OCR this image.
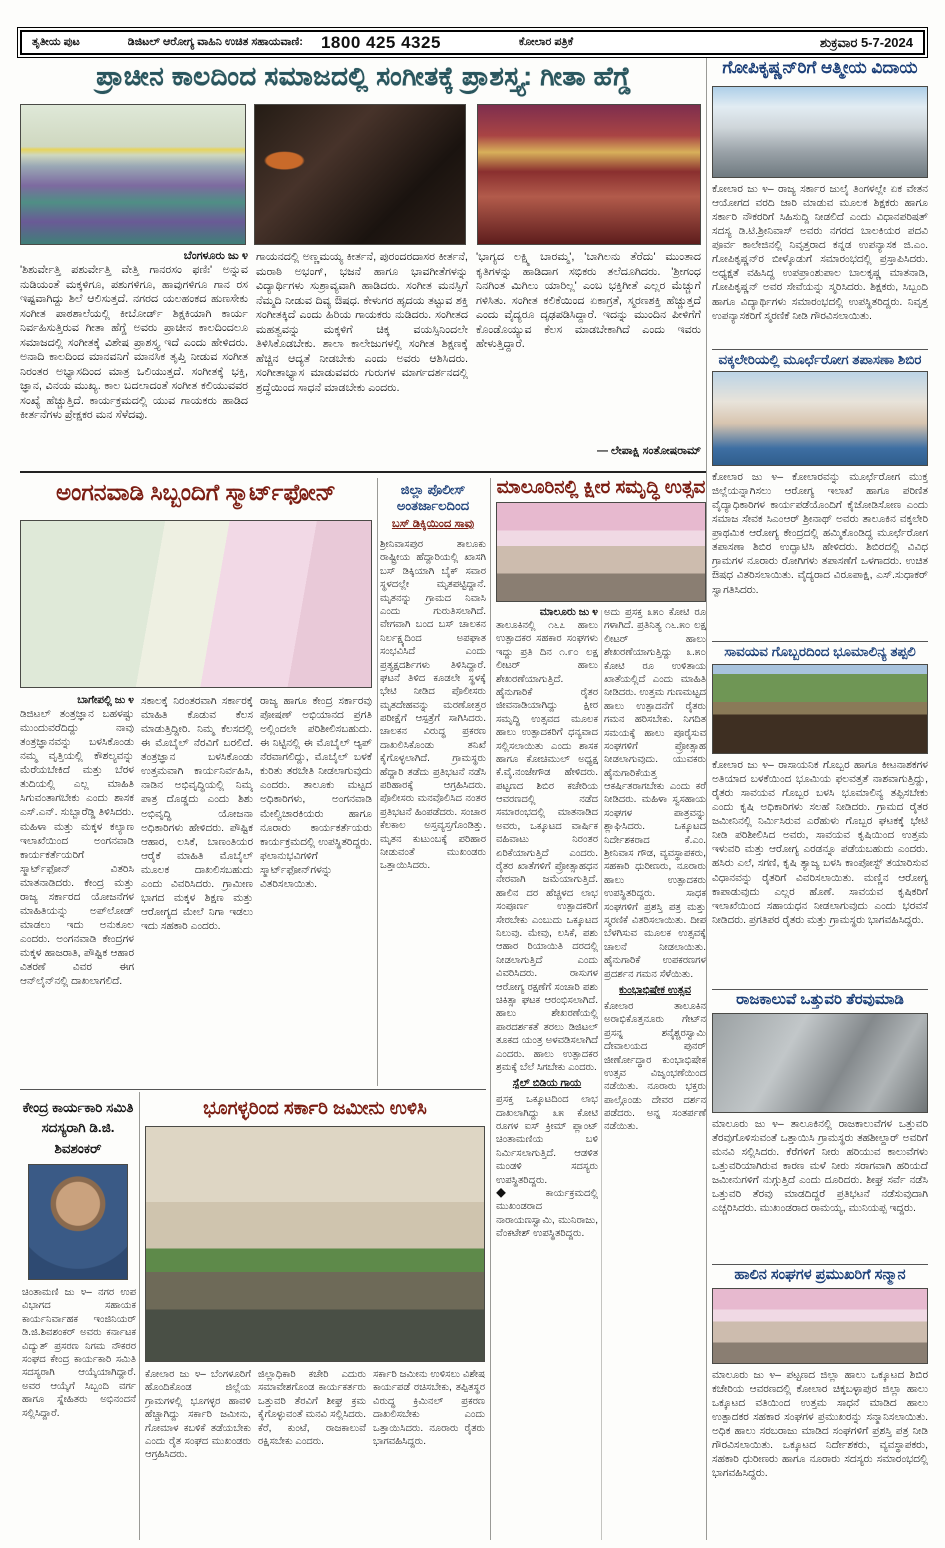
ತೃತೀಯ ಪುಟ	ಡಿಜಿಟಲ್ ಆರೋಗ್ಯ ವಾಹಿನಿ ಉಚಿತ ಸಹಾಯವಾಣಿ: 1800 425 4325	ಕೋಲಾರ ಪತ್ರಿಕೆ	ಶುಕ್ರವಾರ 5-7-2024
ಪ್ರಾಚೀನ ಕಾಲದಿಂದ ಸಮಾಜದಲ್ಲಿ ಸಂಗೀತಕ್ಕೆ ಪ್ರಾಶಸ್ತ್ಯ: ಗೀತಾ ಹೆಗ್ಡೆ
ಬೆಂಗಳೂರು ಜು ೪
'ಶಿಶುರ್ವೇತ್ತಿ ಪಶುರ್ವೇತ್ತಿ ವೇತ್ತಿ ಗಾನರಸಂ ಫಣಿಃ' ಅನ್ನುವ ನುಡಿಯಂತೆ ಮಕ್ಕಳಿಗೂ, ಪಶುಗಳಿಗೂ, ಹಾವುಗಳಿಗೂ ಗಾನ ರಸ ಇಷ್ಟವಾಗಿದ್ದು ಶಿಲೆ ಆಲಿಸುತ್ತದೆ. ನಗರದ ಯಲಹಂಕದ ಹುಣಸೇಕು ಸಂಗೀತ ಪಾಠಶಾಲೆಯಲ್ಲಿ ಕೀಬೋರ್ಡ್ ಶಿಕ್ಷಕಿಯಾಗಿ ಕಾರ್ಯ ನಿರ್ವಹಿಸುತ್ತಿರುವ ಗೀತಾ ಹೆಗ್ಡೆ ಅವರು ಪ್ರಾಚೀನ ಕಾಲದಿಂದಲೂ ಸಮಾಜದಲ್ಲಿ ಸಂಗೀತಕ್ಕೆ ವಿಶೇಷ ಪ್ರಾಶಸ್ತ್ಯ ಇದೆ ಎಂದು ಹೇಳಿದರು. ಅನಾದಿ ಕಾಲದಿಂದ ಮಾನವನಿಗೆ ಮಾನಸಿಕ ತೃಪ್ತಿ ನೀಡುವ ಸಂಗೀತ ನಿರಂತರ ಅಭ್ಯಾಸದಿಂದ ಮಾತ್ರ ಒಲಿಯುತ್ತದೆ. ಸಂಗೀತಕ್ಕೆ ಭಕ್ತಿ, ಜ್ಞಾನ, ವಿನಯ ಮುಖ್ಯ. ಕಾಲ ಬದಲಾದಂತೆ ಸಂಗೀತ ಕಲಿಯುವವರ ಸಂಖ್ಯೆ ಹೆಚ್ಚುತ್ತಿದೆ. ಕಾರ್ಯಕ್ರಮದಲ್ಲಿ ಯುವ ಗಾಯಕರು ಹಾಡಿದ ಕೀರ್ತನೆಗಳು ಪ್ರೇಕ್ಷಕರ ಮನ ಸೆಳೆದವು.
ಗಾಯನದಲ್ಲಿ ಅಣ್ಣಮಯ್ಯ ಕೀರ್ತನೆ, ಪುರಂದರದಾಸರ ಕೀರ್ತನೆ, ಮರಾಠಿ ಅಭಂಗ್, ಭಜನೆ ಹಾಗೂ ಭಾವಗೀತೆಗಳನ್ನು ವಿದ್ಯಾರ್ಥಿಗಳು ಸುಶ್ರಾವ್ಯವಾಗಿ ಹಾಡಿದರು. ಸಂಗೀತ ಮನಸ್ಸಿಗೆ ನೆಮ್ಮದಿ ನೀಡುವ ದಿವ್ಯ ಔಷಧ. ಕೇಳುಗರ ಹೃದಯ ತಟ್ಟುವ ಶಕ್ತಿ ಸಂಗೀತಕ್ಕಿದೆ ಎಂದು ಹಿರಿಯ ಗಾಯಕರು ನುಡಿದರು. ಸಂಗೀತದ ಮಹತ್ವವನ್ನು ಮಕ್ಕಳಿಗೆ ಚಿಕ್ಕ ವಯಸ್ಸಿನಿಂದಲೇ ತಿಳಿಸಿಕೊಡಬೇಕು. ಶಾಲಾ ಕಾಲೇಜುಗಳಲ್ಲಿ ಸಂಗೀತ ಶಿಕ್ಷಣಕ್ಕೆ ಹೆಚ್ಚಿನ ಆದ್ಯತೆ ನೀಡಬೇಕು ಎಂದು ಅವರು ಆಶಿಸಿದರು. ಸಂಗೀತಾಭ್ಯಾಸ ಮಾಡುವವರು ಗುರುಗಳ ಮಾರ್ಗದರ್ಶನದಲ್ಲಿ ಶ್ರದ್ಧೆಯಿಂದ ಸಾಧನೆ ಮಾಡಬೇಕು ಎಂದರು.
'ಭಾಗ್ಯದ ಲಕ್ಷ್ಮಿ ಬಾರಮ್ಮ', 'ಬಾಗಿಲನು ತೆರೆದು' ಮುಂತಾದ ಕೃತಿಗಳನ್ನು ಹಾಡಿದಾಗ ಸಭಿಕರು ತಲೆದೂಗಿದರು. 'ಶ್ರೀಗಂಧ ನಿನಗಿಂತ ಮಿಗಿಲು ಯಾರಿಲ್ಲ' ಎಂಬ ಭಕ್ತಿಗೀತೆ ಎಲ್ಲರ ಮೆಚ್ಚುಗೆ ಗಳಿಸಿತು. ಸಂಗೀತ ಕಲಿಕೆಯಿಂದ ಏಕಾಗ್ರತೆ, ಸ್ಮರಣಶಕ್ತಿ ಹೆಚ್ಚುತ್ತದೆ ಎಂದು ವೈದ್ಯರೂ ದೃಢಪಡಿಸಿದ್ದಾರೆ. ಇದನ್ನು ಮುಂದಿನ ಪೀಳಿಗೆಗೆ ಕೊಂಡೊಯ್ಯುವ ಕೆಲಸ ಮಾಡಬೇಕಾಗಿದೆ ಎಂದು ಇವರು ಹೇಳುತ್ತಿದ್ದಾರೆ.
— ಲೇಪಾಕ್ಷಿ ಸಂತೋಷರಾಮ್
ಗೋಪಿಕೃಷ್ಣನ್‌ರಿಗೆ ಆತ್ಮೀಯ ವಿದಾಯ
ಕೋಲಾರ ಜು ೪– ರಾಜ್ಯ ಸರ್ಕಾರ ಜುಲೈ ತಿಂಗಳಲ್ಲೇ ಏಕ ವೇತನ ಆಯೋಗದ ವರದಿ ಜಾರಿ ಮಾಡುವ ಮೂಲಕ ಶಿಕ್ಷಕರು ಹಾಗೂ ಸರ್ಕಾರಿ ನೌಕರರಿಗೆ ಸಿಹಿಸುದ್ದಿ ನೀಡಲಿದೆ ಎಂದು ವಿಧಾನಪರಿಷತ್ ಸದಸ್ಯ ಡಿ.ಟಿ.ಶ್ರೀನಿವಾಸ್ ಅವರು ನಗರದ ಬಾಲಕಿಯರ ಪದವಿ ಪೂರ್ವ ಕಾಲೇಜಿನಲ್ಲಿ ನಿವೃತ್ತರಾದ ಕನ್ನಡ ಉಪನ್ಯಾಸಕ ಜಿ.ಎಂ. ಗೋಪಿಕೃಷ್ಣನ್‌ರ ಬೀಳ್ಕೊಡುಗೆ ಸಮಾರಂಭದಲ್ಲಿ ಪ್ರಸ್ತಾಪಿಸಿದರು. ಅಧ್ಯಕ್ಷತೆ ವಹಿಸಿದ್ದ ಉಪಪ್ರಾಂಶುಪಾಲ ಬಾಲಕೃಷ್ಣ ಮಾತನಾಡಿ, ಗೋಪಿಕೃಷ್ಣನ್ ಅವರ ಸೇವೆಯನ್ನು ಸ್ಮರಿಸಿದರು. ಶಿಕ್ಷಕರು, ಸಿಬ್ಬಂದಿ ಹಾಗೂ ವಿದ್ಯಾರ್ಥಿಗಳು ಸಮಾರಂಭದಲ್ಲಿ ಉಪಸ್ಥಿತರಿದ್ದರು. ನಿವೃತ್ತ ಉಪನ್ಯಾಸಕರಿಗೆ ಸ್ಮರಣಿಕೆ ನೀಡಿ ಗೌರವಿಸಲಾಯಿತು.
ವಕ್ಕಲೇರಿಯಲ್ಲಿ ಮೂರ್ಛೆರೋಗ ತಪಾಸಣಾ ಶಿಬಿರ
ಕೋಲಾರ ಜು ೪– ಕೋಲಾರವನ್ನು ಮೂರ್ಛೆರೋಗ ಮುಕ್ತ ಜಿಲ್ಲೆಯನ್ನಾಗಿಸಲು ಆರೋಗ್ಯ ಇಲಾಖೆ ಹಾಗೂ ಪರಿಣಿತ ವೈದ್ಯಾಧಿಕಾರಿಗಳ ಕಾರ್ಯಪಡೆಯೊಂದಿಗೆ ಕೈಜೋಡಿಸೋಣ ಎಂದು ಸಮಾಜ ಸೇವಕ ಸಿಎಂಆರ್ ಶ್ರೀನಾಥ್ ಅವರು ತಾಲೂಕಿನ ವಕ್ಕಲೇರಿ ಪ್ರಾಥಮಿಕ ಆರೋಗ್ಯ ಕೇಂದ್ರದಲ್ಲಿ ಹಮ್ಮಿಕೊಂಡಿದ್ದ ಮೂರ್ಛೆರೋಗ ತಪಾಸಣಾ ಶಿಬಿರ ಉದ್ಘಾಟಿಸಿ ಹೇಳಿದರು. ಶಿಬಿರದಲ್ಲಿ ವಿವಿಧ ಗ್ರಾಮಗಳ ನೂರಾರು ರೋಗಿಗಳು ತಪಾಸಣೆಗೆ ಒಳಗಾದರು. ಉಚಿತ ಔಷಧ ವಿತರಿಸಲಾಯಿತು. ವೈದ್ಯರಾದ ವಿರೂಪಾಕ್ಷಿ, ಎಸ್.ಸುಧಾಕರ್ ಸ್ವಾಗತಿಸಿದರು.
ಸಾವಯವ ಗೊಬ್ಬರದಿಂದ ಭೂಮಾಲಿನ್ಯ ತಪ್ಪಲಿ
ಕೋಲಾರ ಜು ೪– ರಾಸಾಯನಿಕ ಗೊಬ್ಬರ ಹಾಗೂ ಕೀಟನಾಶಕಗಳ ಅತಿಯಾದ ಬಳಕೆಯಿಂದ ಭೂಮಿಯ ಫಲವತ್ತತೆ ನಾಶವಾಗುತ್ತಿದ್ದು, ರೈತರು ಸಾವಯವ ಗೊಬ್ಬರ ಬಳಸಿ ಭೂಮಾಲಿನ್ಯ ತಪ್ಪಿಸಬೇಕು ಎಂದು ಕೃಷಿ ಅಧಿಕಾರಿಗಳು ಸಲಹೆ ನೀಡಿದರು. ಗ್ರಾಮದ ರೈತರ ಜಮೀನಿನಲ್ಲಿ ನಿರ್ಮಿಸಿರುವ ಎರೆಹುಳು ಗೊಬ್ಬರ ಘಟಕಕ್ಕೆ ಭೇಟಿ ನೀಡಿ ಪರಿಶೀಲಿಸಿದ ಅವರು, ಸಾವಯವ ಕೃಷಿಯಿಂದ ಉತ್ತಮ ಇಳುವರಿ ಮತ್ತು ಆರೋಗ್ಯ ಎರಡನ್ನೂ ಪಡೆಯಬಹುದು ಎಂದರು. ಹಸಿರು ಎಲೆ, ಸಗಣಿ, ಕೃಷಿ ತ್ಯಾಜ್ಯ ಬಳಸಿ ಕಾಂಪೋಸ್ಟ್ ತಯಾರಿಸುವ ವಿಧಾನವನ್ನು ರೈತರಿಗೆ ವಿವರಿಸಲಾಯಿತು. ಮಣ್ಣಿನ ಆರೋಗ್ಯ ಕಾಪಾಡುವುದು ಎಲ್ಲರ ಹೊಣೆ. ಸಾವಯವ ಕೃಷಿಕರಿಗೆ ಇಲಾಖೆಯಿಂದ ಸಹಾಯಧನ ನೀಡಲಾಗುವುದು ಎಂದು ಭರವಸೆ ನೀಡಿದರು. ಪ್ರಗತಿಪರ ರೈತರು ಮತ್ತು ಗ್ರಾಮಸ್ಥರು ಭಾಗವಹಿಸಿದ್ದರು.
ರಾಜಕಾಲುವೆ ಒತ್ತುವರಿ ತೆರವುಮಾಡಿ
ಮಾಲೂರು ಜು ೪– ತಾಲೂಕಿನಲ್ಲಿ ರಾಜಕಾಲುವೆಗಳ ಒತ್ತುವರಿ ತೆರವುಗೊಳಿಸುವಂತೆ ಒತ್ತಾಯಿಸಿ ಗ್ರಾಮಸ್ಥರು ತಹಶೀಲ್ದಾರ್ ಅವರಿಗೆ ಮನವಿ ಸಲ್ಲಿಸಿದರು. ಕೆರೆಗಳಿಗೆ ನೀರು ಹರಿಯುವ ಕಾಲುವೆಗಳು ಒತ್ತುವರಿಯಾಗಿರುವ ಕಾರಣ ಮಳೆ ನೀರು ಸರಾಗವಾಗಿ ಹರಿಯದೆ ಜಮೀನುಗಳಿಗೆ ನುಗ್ಗುತ್ತಿದೆ ಎಂದು ದೂರಿದರು. ಶೀಘ್ರ ಸರ್ವೆ ನಡೆಸಿ ಒತ್ತುವರಿ ತೆರವು ಮಾಡದಿದ್ದರೆ ಪ್ರತಿಭಟನೆ ನಡೆಸುವುದಾಗಿ ಎಚ್ಚರಿಸಿದರು. ಮುಖಂಡರಾದ ರಾಮಯ್ಯ, ಮುನಿಯಪ್ಪ ಇದ್ದರು.
ಹಾಲಿನ ಸಂಘಗಳ ಪ್ರಮುಖರಿಗೆ ಸನ್ಮಾನ
ಮಾಲೂರು ಜು ೪– ಪಟ್ಟಣದ ಜಿಲ್ಲಾ ಹಾಲು ಒಕ್ಕೂಟದ ಶಿಬಿರ ಕಚೇರಿಯ ಆವರಣದಲ್ಲಿ ಕೋಲಾರ ಚಿಕ್ಕಬಳ್ಳಾಪುರ ಜಿಲ್ಲಾ ಹಾಲು ಒಕ್ಕೂಟದ ವತಿಯಿಂದ ಉತ್ತಮ ಸಾಧನೆ ಮಾಡಿದ ಹಾಲು ಉತ್ಪಾದಕರ ಸಹಕಾರ ಸಂಘಗಳ ಪ್ರಮುಖರನ್ನು ಸನ್ಮಾನಿಸಲಾಯಿತು. ಅಧಿಕ ಹಾಲು ಸರಬರಾಜು ಮಾಡಿದ ಸಂಘಗಳಿಗೆ ಪ್ರಶಸ್ತಿ ಪತ್ರ ನೀಡಿ ಗೌರವಿಸಲಾಯಿತು. ಒಕ್ಕೂಟದ ನಿರ್ದೇಶಕರು, ವ್ಯವಸ್ಥಾಪಕರು, ಸಹಕಾರಿ ಧುರೀಣರು ಹಾಗೂ ನೂರಾರು ಸದಸ್ಯರು ಸಮಾರಂಭದಲ್ಲಿ ಭಾಗವಹಿಸಿದ್ದರು.
ಅಂಗನವಾಡಿ ಸಿಬ್ಬಂದಿಗೆ ಸ್ಮಾರ್ಟ್‌ಫೋನ್
ಬಾಗೇಪಲ್ಲಿ ಜು ೪
ಡಿಜಿಟಲ್ ತಂತ್ರಜ್ಞಾನ ಬಹಳಷ್ಟು ಮುಂದುವರೆದಿದ್ದು ನಾವು ತಂತ್ರಜ್ಞಾನವನ್ನು ಬಳಸಿಕೊಂಡು ನಮ್ಮ ವೃತ್ತಿಯಲ್ಲಿ ಕೌಶಲ್ಯವನ್ನು ಮೆರೆಯಬೇಕಿದೆ ಮತ್ತು ಬೆರಳ ತುದಿಯಲ್ಲಿ ಎಲ್ಲ ಮಾಹಿತಿ ಸಿಗುವಂತಾಗಬೇಕು ಎಂದು ಶಾಸಕ ಎಸ್.ಎನ್. ಸುಬ್ಬಾರೆಡ್ಡಿ ತಿಳಿಸಿದರು. ಮಹಿಳಾ ಮತ್ತು ಮಕ್ಕಳ ಕಲ್ಯಾಣ ಇಲಾಖೆಯಿಂದ ಅಂಗನವಾಡಿ ಕಾರ್ಯಕರ್ತೆಯರಿಗೆ ಸ್ಮಾರ್ಟ್‌ಫೋನ್ ವಿತರಿಸಿ ಮಾತನಾಡಿದರು. ಕೇಂದ್ರ ಮತ್ತು ರಾಜ್ಯ ಸರ್ಕಾರದ ಯೋಜನೆಗಳ ಮಾಹಿತಿಯನ್ನು ಅಪ್‌ಲೋಡ್ ಮಾಡಲು ಇದು ಅನುಕೂಲ ಎಂದರು. ಅಂಗನವಾಡಿ ಕೇಂದ್ರಗಳ ಮಕ್ಕಳ ಹಾಜರಾತಿ, ಪೌಷ್ಟಿಕ ಆಹಾರ ವಿತರಣೆ ವಿವರ ಈಗ ಆನ್‌ಲೈನ್‌ನಲ್ಲಿ ದಾಖಲಾಗಲಿದೆ.
ಸಕಾಲಕ್ಕೆ ನಿರಂತರವಾಗಿ ಸರ್ಕಾರಕ್ಕೆ ಮಾಹಿತಿ ಕೊಡುವ ಕೆಲಸ ಮಾಡುತ್ತಿದ್ದೀರಿ. ನಿಮ್ಮ ಕೆಲಸದಲ್ಲಿ ಈ ಮೊಬೈಲ್ ನೆರವಿಗೆ ಬರಲಿದೆ. ತಂತ್ರಜ್ಞಾನ ಬಳಸಿಕೊಂಡು ಉತ್ತಮವಾಗಿ ಕಾರ್ಯನಿರ್ವಹಿಸಿ, ನಾಡಿನ ಅಭಿವೃದ್ಧಿಯಲ್ಲಿ ನಿಮ್ಮ ಪಾತ್ರ ದೊಡ್ಡದು ಎಂದು ಶಿಶು ಅಭಿವೃದ್ಧಿ ಯೋಜನಾ ಅಧಿಕಾರಿಗಳು ಹೇಳಿದರು. ಪೌಷ್ಟಿಕ ಆಹಾರ, ಲಸಿಕೆ, ಬಾಣಂತಿಯರ ಆರೈಕೆ ಮಾಹಿತಿ ಮೊಬೈಲ್ ಮೂಲಕ ದಾಖಲಿಸಬಹುದು ಎಂದು ವಿವರಿಸಿದರು. ಗ್ರಾಮೀಣ ಭಾಗದ ಮಕ್ಕಳ ಶಿಕ್ಷಣ ಮತ್ತು ಆರೋಗ್ಯದ ಮೇಲೆ ನಿಗಾ ಇಡಲು ಇದು ಸಹಕಾರಿ ಎಂದರು.
ರಾಜ್ಯ ಹಾಗೂ ಕೇಂದ್ರ ಸರ್ಕಾರವು ಪೋಷಣ್ ಅಭಿಯಾನದ ಪ್ರಗತಿ ಅಲ್ಲಿಂದಲೇ ಪರಿಶೀಲಿಸಬಹುದು. ಈ ನಿಟ್ಟಿನಲ್ಲಿ ಈ ಮೊಬೈಲ್ ಆ್ಯಪ್ ನೆರವಾಗಲಿದ್ದು, ಮೊಬೈಲ್ ಬಳಕೆ ಕುರಿತು ತರಬೇತಿ ನೀಡಲಾಗುವುದು ಎಂದರು. ತಾಲೂಕು ಮಟ್ಟದ ಅಧಿಕಾರಿಗಳು, ಅಂಗನವಾಡಿ ಮೇಲ್ವಿಚಾರಕಿಯರು ಹಾಗೂ ನೂರಾರು ಕಾರ್ಯಕರ್ತೆಯರು ಕಾರ್ಯಕ್ರಮದಲ್ಲಿ ಉಪಸ್ಥಿತರಿದ್ದರು. ಫಲಾನುಭವಿಗಳಿಗೆ ಸ್ಮಾರ್ಟ್‌ಫೋನ್‌ಗಳನ್ನು ವಿತರಿಸಲಾಯಿತು.
ಜಿಲ್ಲಾ ಪೊಲೀಸ್
ಅಂತರ್ಜಾಲದಿಂದ
ಬಸ್ ಡಿಕ್ಕಿಯಿಂದ ಸಾವು
ಶ್ರೀನಿವಾಸಪುರ ತಾಲೂಕು ರಾಷ್ಟ್ರೀಯ ಹೆದ್ದಾರಿಯಲ್ಲಿ ಖಾಸಗಿ ಬಸ್ ಡಿಕ್ಕಿಯಾಗಿ ಬೈಕ್ ಸವಾರ ಸ್ಥಳದಲ್ಲೇ ಮೃತಪಟ್ಟಿದ್ದಾನೆ. ಮೃತನನ್ನು ಗ್ರಾಮದ ನಿವಾಸಿ ಎಂದು ಗುರುತಿಸಲಾಗಿದೆ. ವೇಗವಾಗಿ ಬಂದ ಬಸ್ ಚಾಲಕನ ನಿರ್ಲಕ್ಷ್ಯದಿಂದ ಅಪಘಾತ ಸಂಭವಿಸಿದೆ ಎಂದು ಪ್ರತ್ಯಕ್ಷದರ್ಶಿಗಳು ತಿಳಿಸಿದ್ದಾರೆ. ಘಟನೆ ತಿಳಿದ ಕೂಡಲೇ ಸ್ಥಳಕ್ಕೆ ಭೇಟಿ ನೀಡಿದ ಪೊಲೀಸರು ಮೃತದೇಹವನ್ನು ಮರಣೋತ್ತರ ಪರೀಕ್ಷೆಗೆ ಆಸ್ಪತ್ರೆಗೆ ಸಾಗಿಸಿದರು. ಚಾಲಕನ ವಿರುದ್ಧ ಪ್ರಕರಣ ದಾಖಲಿಸಿಕೊಂಡು ತನಿಖೆ ಕೈಗೊಳ್ಳಲಾಗಿದೆ. ಗ್ರಾಮಸ್ಥರು ಹೆದ್ದಾರಿ ತಡೆದು ಪ್ರತಿಭಟನೆ ನಡೆಸಿ ಪರಿಹಾರಕ್ಕೆ ಆಗ್ರಹಿಸಿದರು. ಪೊಲೀಸರು ಮನವೊಲಿಸಿದ ನಂತರ ಪ್ರತಿಭಟನೆ ಹಿಂಪಡೆದರು. ಸಂಚಾರ ಕೆಲಕಾಲ ಅಸ್ತವ್ಯಸ್ತಗೊಂಡಿತ್ತು. ಮೃತನ ಕುಟುಂಬಕ್ಕೆ ಪರಿಹಾರ ನೀಡುವಂತೆ ಮುಖಂಡರು ಒತ್ತಾಯಿಸಿದರು.
ಮಾಲೂರಿನಲ್ಲಿ ಕ್ಷೀರ ಸಮೃದ್ಧಿ ಉತ್ಸವ
ಮಾಲೂರು ಜು ೪
ತಾಲೂಕಿನಲ್ಲಿ ೧೬೭ ಹಾಲು ಉತ್ಪಾದಕರ ಸಹಕಾರ ಸಂಘಗಳು ಇದ್ದು ಪ್ರತಿ ದಿನ ೧.೯೦ ಲಕ್ಷ ಲೀಟರ್ ಹಾಲು ಶೇಖರಣೆಯಾಗುತ್ತಿದೆ. ಹೈನುಗಾರಿಕೆ ರೈತರ ಜೀವನಾಡಿಯಾಗಿದ್ದು ಕ್ಷೀರ ಸಮೃದ್ಧಿ ಉತ್ಸವದ ಮೂಲಕ ಹಾಲು ಉತ್ಪಾದಕರಿಗೆ ಧನ್ಯವಾದ ಸಲ್ಲಿಸಲಾಯಿತು ಎಂದು ಶಾಸಕ ಹಾಗೂ ಕೋಚಿಮುಲ್ ಅಧ್ಯಕ್ಷ ಕೆ.ವೈ.ನಂಜೇಗೌಡ ಹೇಳಿದರು. ಪಟ್ಟಣದ ಶಿಬಿರ ಕಚೇರಿಯ ಆವರಣದಲ್ಲಿ ನಡೆದ ಸಮಾರಂಭದಲ್ಲಿ ಮಾತನಾಡಿದ ಅವರು, ಒಕ್ಕೂಟದ ವಾರ್ಷಿಕ ವಹಿವಾಟು ನಿರಂತರ ಏರಿಕೆಯಾಗುತ್ತಿದೆ ಎಂದರು. ರೈತರ ಖಾತೆಗಳಿಗೆ ಪ್ರೋತ್ಸಾಹಧನ ನೇರವಾಗಿ ಜಮೆಯಾಗುತ್ತಿದೆ. ಹಾಲಿನ ದರ ಹೆಚ್ಚಳದ ಲಾಭ ಸಂಪೂರ್ಣ ಉತ್ಪಾದಕರಿಗೆ ಸೇರಬೇಕು ಎಂಬುದು ಒಕ್ಕೂಟದ ನಿಲುವು. ಮೇವು, ಲಸಿಕೆ, ಪಶು ಆಹಾರ ರಿಯಾಯಿತಿ ದರದಲ್ಲಿ ನೀಡಲಾಗುತ್ತಿದೆ ಎಂದು ವಿವರಿಸಿದರು. ರಾಸುಗಳ ಆರೋಗ್ಯ ರಕ್ಷಣೆಗೆ ಸಂಚಾರಿ ಪಶು ಚಿಕಿತ್ಸಾ ಘಟಕ ಆರಂಭಿಸಲಾಗಿದೆ. ಹಾಲು ಶೇಖರಣೆಯಲ್ಲಿ ಪಾರದರ್ಶಕತೆ ತರಲು ಡಿಜಿಟಲ್ ತೂಕದ ಯಂತ್ರ ಅಳವಡಿಸಲಾಗಿದೆ ಎಂದರು. ಹಾಲು ಉತ್ಪಾದಕರ ಶ್ರಮಕ್ಕೆ ಬೆಲೆ ಸಿಗಬೇಕು ಎಂದರು.
ಸ್ಪೆಲ್ ಬಿಡಿಯ ಗಾಯ
ಪ್ರಸಕ್ತ ಒಕ್ಕೂಟದಿಂದ ಲಾಭ ದಾಖಲಾಗಿದ್ದು ೩೫ ಕೋಟಿ ರೂಗಳ ಐಸ್ ಕ್ರೀಮ್ ಪ್ಲಾಂಟ್ ಚಿಂತಾಮಣಿಯ ಬಳಿ ನಿರ್ಮಿಸಲಾಗುತ್ತಿದೆ. ಆಡಳಿತ ಮಂಡಳಿ ಸದಸ್ಯರು ಉಪಸ್ಥಿತರಿದ್ದರು.
◆ ಕಾರ್ಯಕ್ರಮದಲ್ಲಿ ಮುಖಂಡರಾದ ನಾರಾಯಣಸ್ವಾಮಿ, ಮುನಿರಾಜು, ವೆಂಕಟೇಶ್ ಉಪಸ್ಥಿತರಿದ್ದರು.
ಅದು ಪ್ರಸಕ್ತ ೩೫೦ ಕೋಟಿ ರೂ ಗಳಾಗಿದೆ. ಪ್ರತಿನಿತ್ಯ ೧೬.೫೦ ಲಕ್ಷ ಲೀಟರ್ ಹಾಲು ಶೇಖರಣೆಯಾಗುತ್ತಿದ್ದು ೩.೫೦ ಕೋಟಿ ರೂ ಉಳಿತಾಯ ಖಾತೆಯಲ್ಲಿದೆ ಎಂದು ಮಾಹಿತಿ ನೀಡಿದರು. ಉತ್ತಮ ಗುಣಮಟ್ಟದ ಹಾಲು ಉತ್ಪಾದನೆಗೆ ರೈತರು ಗಮನ ಹರಿಸಬೇಕು. ನಿಗದಿತ ಸಮಯಕ್ಕೆ ಹಾಲು ಪೂರೈಸುವ ಸಂಘಗಳಿಗೆ ಪ್ರೋತ್ಸಾಹ ನೀಡಲಾಗುವುದು. ಯುವಕರು ಹೈನುಗಾರಿಕೆಯತ್ತ ಆಕರ್ಷಿತರಾಗಬೇಕು ಎಂದು ಕರೆ ನೀಡಿದರು. ಮಹಿಳಾ ಸ್ವಸಹಾಯ ಸಂಘಗಳ ಪಾತ್ರವನ್ನು ಶ್ಲಾಘಿಸಿದರು. ಒಕ್ಕೂಟದ ನಿರ್ದೇಶಕರಾದ ಕೆ.ಎಂ. ಶ್ರೀನಿವಾಸ ಗೌಡ, ವ್ಯವಸ್ಥಾಪಕರು, ಸಹಕಾರಿ ಧುರೀಣರು, ನೂರಾರು ಹಾಲು ಉತ್ಪಾದಕರು ಉಪಸ್ಥಿತರಿದ್ದರು. ಸಾಧಕ ಸಂಘಗಳಿಗೆ ಪ್ರಶಸ್ತಿ ಪತ್ರ ಮತ್ತು ಸ್ಮರಣಿಕೆ ವಿತರಿಸಲಾಯಿತು. ದೀಪ ಬೆಳಗಿಸುವ ಮೂಲಕ ಉತ್ಸವಕ್ಕೆ ಚಾಲನೆ ನೀಡಲಾಯಿತು. ಹೈನುಗಾರಿಕೆ ಉಪಕರಣಗಳ ಪ್ರದರ್ಶನ ಗಮನ ಸೆಳೆಯಿತು.
ಕುಂಭಾಭಿಷೇಕ ಉತ್ಸವ
ಕೋಲಾರ ತಾಲೂಕಿನ ಅರಾಭಿಕೊತ್ತನೂರು ಗೇಟ್‌ನ ಪ್ರಸನ್ನ ಶನೈಶ್ಚರಸ್ವಾಮಿ ದೇವಾಲಯದ ಪುನರ್ ಜೀರ್ಣೋದ್ಧಾರ ಕುಂಭಾಭಿಷೇಕ ಉತ್ಸವ ವಿಜೃಂಭಣೆಯಿಂದ ನಡೆಯಿತು. ನೂರಾರು ಭಕ್ತರು ಪಾಲ್ಗೊಂಡು ದೇವರ ದರ್ಶನ ಪಡೆದರು. ಅನ್ನ ಸಂತರ್ಪಣೆ ನಡೆಯಿತು.
ಕೇಂದ್ರ ಕಾರ್ಯಕಾರಿ ಸಮಿತಿ ಸದಸ್ಯರಾಗಿ ಡಿ.ಜಿ. ಶಿವಶಂಕರ್
ಚಿಂತಾಮಣಿ ಜು ೪– ನಗರ ಉಪ ವಿಭಾಗದ ಸಹಾಯಕ ಕಾರ್ಯನಿರ್ವಾಹಕ ಇಂಜಿನಿಯರ್ ಡಿ.ಜಿ.ಶಿವಶಂಕರ್ ಅವರು ಕರ್ನಾಟಕ ವಿದ್ಯುತ್ ಪ್ರಸರಣ ನಿಗಮ ನೌಕರರ ಸಂಘದ ಕೇಂದ್ರ ಕಾರ್ಯಕಾರಿ ಸಮಿತಿ ಸದಸ್ಯರಾಗಿ ಆಯ್ಕೆಯಾಗಿದ್ದಾರೆ. ಅವರ ಆಯ್ಕೆಗೆ ಸಿಬ್ಬಂದಿ ವರ್ಗ ಹಾಗೂ ಸ್ನೇಹಿತರು ಅಭಿನಂದನೆ ಸಲ್ಲಿಸಿದ್ದಾರೆ.
ಭೂಗಳ್ಳರಿಂದ ಸರ್ಕಾರಿ ಜಮೀನು ಉಳಿಸಿ
ಕೋಲಾರ ಜು ೪– ಬೆಂಗಳೂರಿಗೆ ಹೊಂದಿಕೊಂಡ ಜಿಲ್ಲೆಯ ಗ್ರಾಮಗಳಲ್ಲಿ ಭೂಗಳ್ಳರ ಹಾವಳಿ ಹೆಚ್ಚಾಗಿದ್ದು ಸರ್ಕಾರಿ ಜಮೀನು, ಗೋಮಾಳ ಕಬಳಿಕೆ ತಡೆಯಬೇಕು ಎಂದು ರೈತ ಸಂಘದ ಮುಖಂಡರು ಆಗ್ರಹಿಸಿದರು.
ಜಿಲ್ಲಾಧಿಕಾರಿ ಕಚೇರಿ ಎದುರು ಸಮಾವೇಶಗೊಂಡ ಕಾರ್ಯಕರ್ತರು ಒತ್ತುವರಿ ತೆರವಿಗೆ ಶೀಘ್ರ ಕ್ರಮ ಕೈಗೊಳ್ಳುವಂತೆ ಮನವಿ ಸಲ್ಲಿಸಿದರು. ಕೆರೆ, ಕುಂಟೆ, ರಾಜಕಾಲುವೆ ರಕ್ಷಿಸಬೇಕು ಎಂದರು.
ಸರ್ಕಾರಿ ಜಮೀನು ಉಳಿಸಲು ವಿಶೇಷ ಕಾರ್ಯಪಡೆ ರಚಿಸಬೇಕು, ತಪ್ಪಿತಸ್ಥರ ವಿರುದ್ಧ ಕ್ರಿಮಿನಲ್ ಪ್ರಕರಣ ದಾಖಲಿಸಬೇಕು ಎಂದು ಒತ್ತಾಯಿಸಿದರು. ನೂರಾರು ರೈತರು ಭಾಗವಹಿಸಿದ್ದರು.
